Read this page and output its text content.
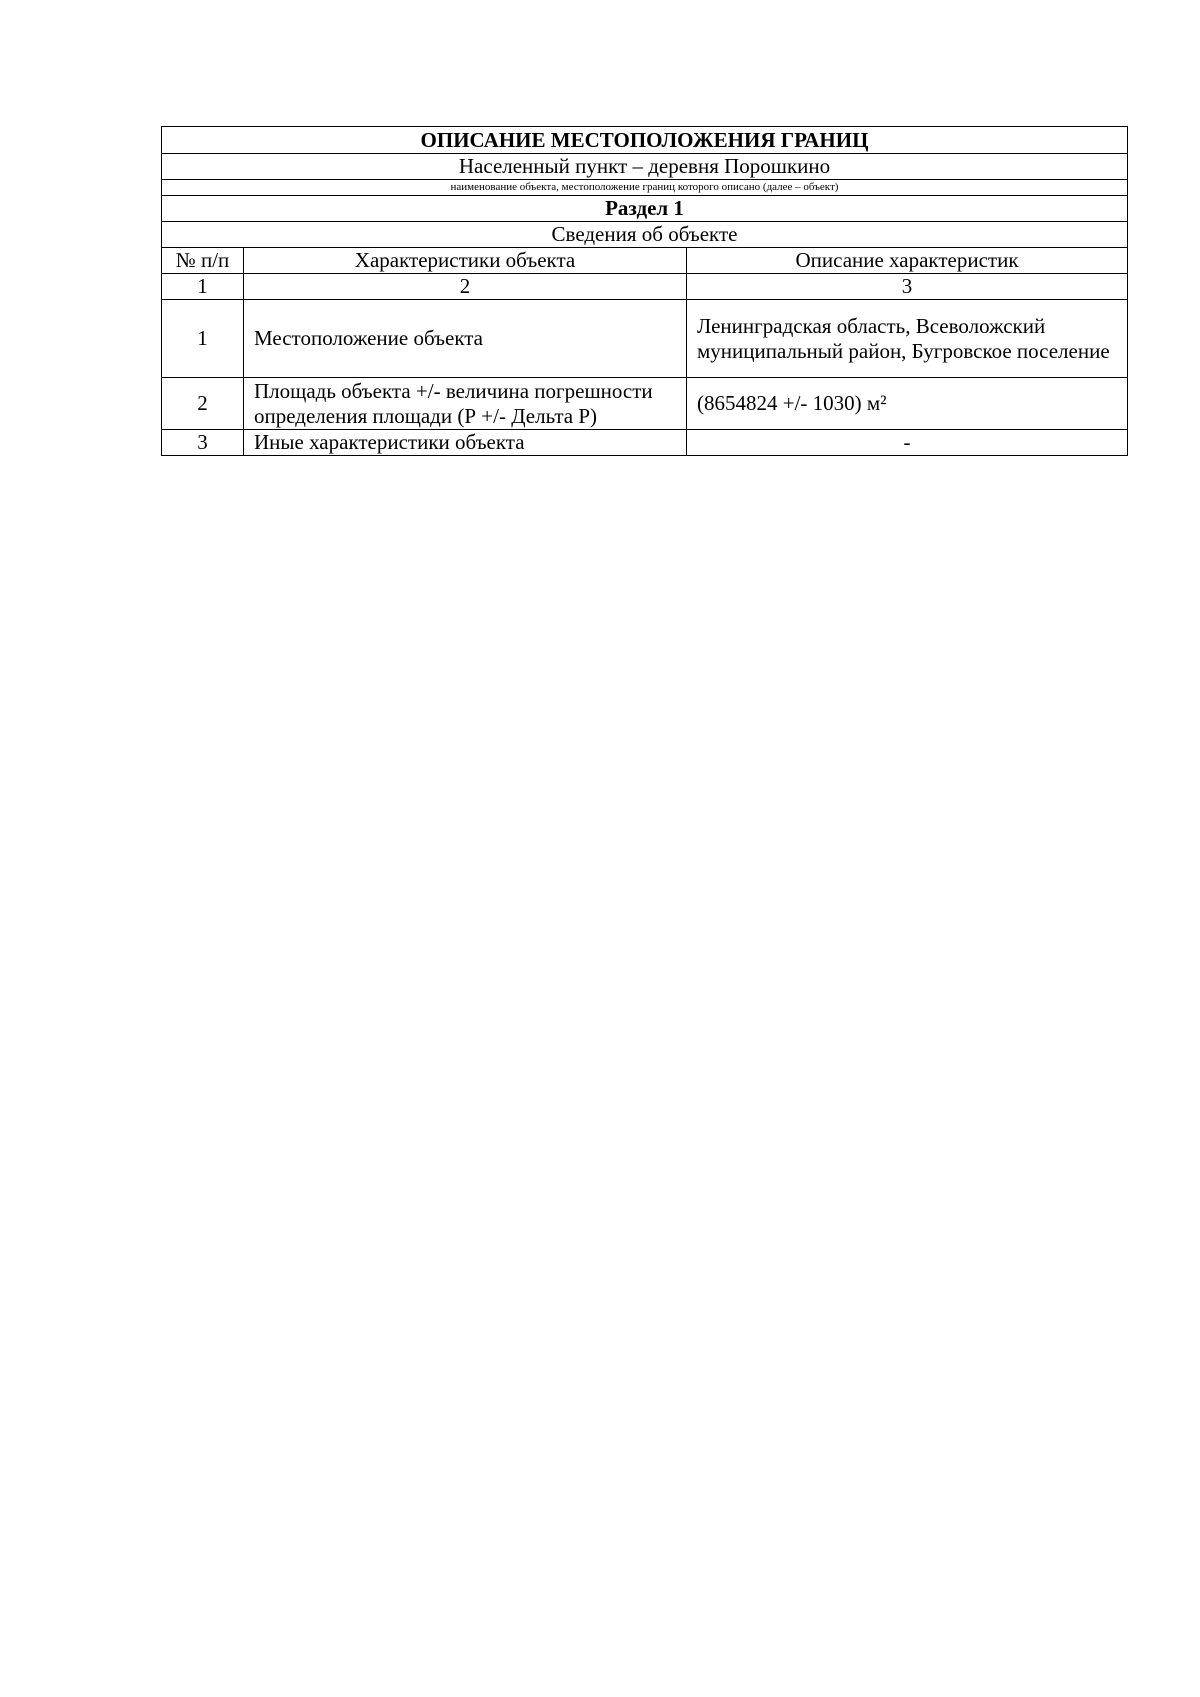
ОПИСАНИЕ МЕСТОПОЛОЖЕНИЯ ГРАНИЦ		
Населенный пункт – деревня Порошкино		
наименование объекта, местоположение границ которого описано (далее – объект)		
Раздел 1		
Сведения об объекте		
№ п/п	Характеристики объекта	Описание характеристик
1	2	3
1	Местоположение объекта	Ленинградская область, Всеволожский муниципальный район, Бугровское поселение
2	Площадь объекта +/- величина погрешности определения площади (Р +/- Дельта Р)	(8654824 +/- 1030) м²
3	Иные характеристики объекта	-
